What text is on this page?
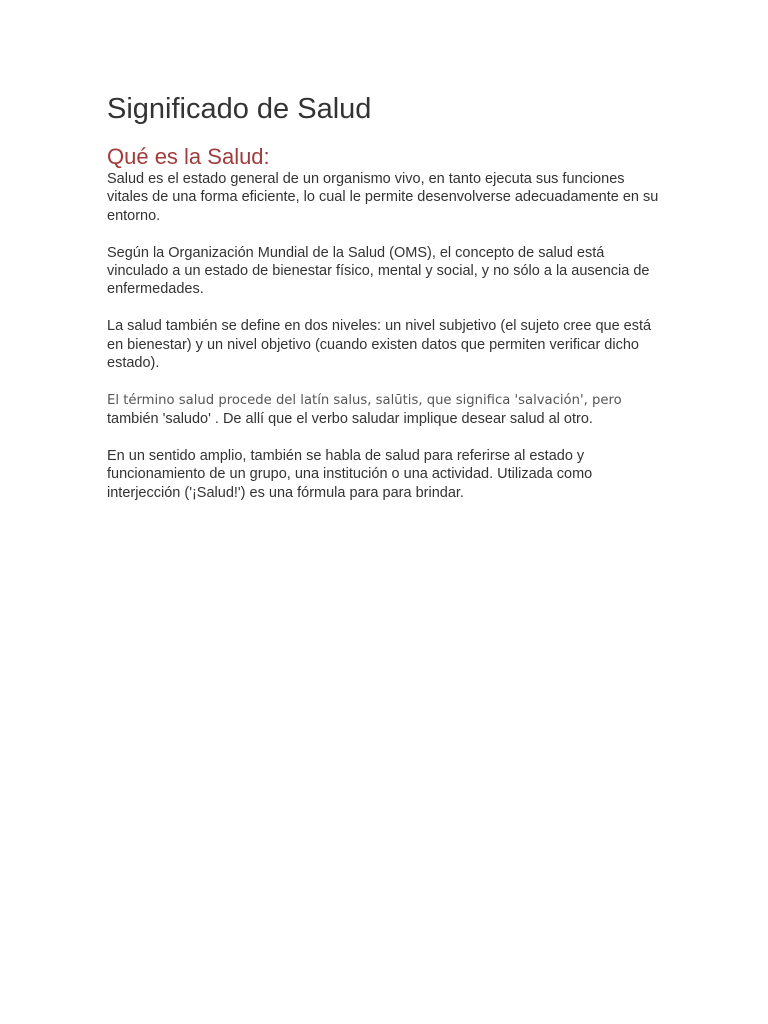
Significado de Salud
Qué es la Salud:

Salud es el estado general de un organismo vivo, en tanto ejecuta sus funciones vitales de una forma eficiente, lo cual le permite desenvolverse adecuadamente en su entorno.

Según la Organización Mundial de la Salud (OMS), el concepto de salud está vinculado a un estado de bienestar físico, mental y social, y no sólo a la ausencia de enfermedades.

La salud también se define en dos niveles: un nivel subjetivo (el sujeto cree que está en bienestar) y un nivel objetivo (cuando existen datos que permiten verificar dicho estado).

El término salud procede del latín salus, salūtis, que significa 'salvación', pero también 'saludo' . De allí que el verbo saludar implique desear salud al otro.

En un sentido amplio, también se habla de salud para referirse al estado y funcionamiento de un grupo, una institución o una actividad. Utilizada como interjección ('¡Salud!') es una fórmula para para brindar.
